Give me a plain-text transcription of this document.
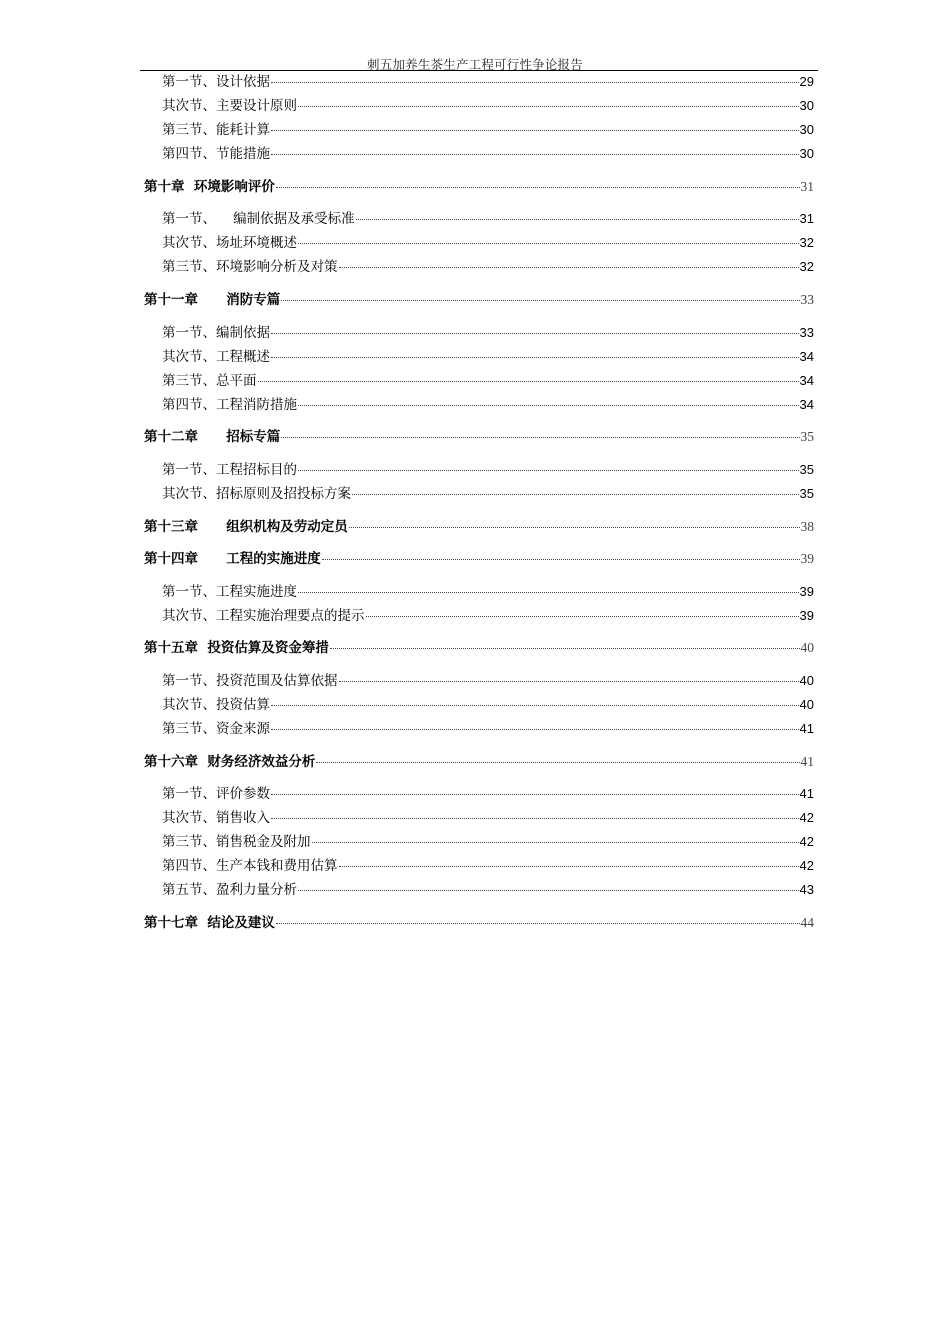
刺五加养生茶生产工程可行性争论报告
第一节、设计依据	29
其次节、主要设计原则	30
第三节、能耗计算	30
第四节、节能措施	30
第十章  环境影响评价	31
第一节、    编制依据及承受标准	31
其次节、场址环境概述	32
第三节、环境影响分析及对策	32
第十一章      消防专篇	33
第一节、编制依据	33
其次节、工程概述	34
第三节、总平面	34
第四节、工程消防措施	34
第十二章      招标专篇	35
第一节、工程招标目的	35
其次节、招标原则及招投标方案	35
第十三章      组织机构及劳动定员	38
第十四章      工程的实施进度	39
第一节、工程实施进度	39
其次节、工程实施治理要点的提示	39
第十五章  投资估算及资金筹措	40
第一节、投资范围及估算依据	40
其次节、投资估算	40
第三节、资金来源	41
第十六章  财务经济效益分析	41
第一节、评价参数	41
其次节、销售收入	42
第三节、销售税金及附加	42
第四节、生产本钱和费用估算	42
第五节、盈利力量分析	43
第十七章  结论及建议	44
